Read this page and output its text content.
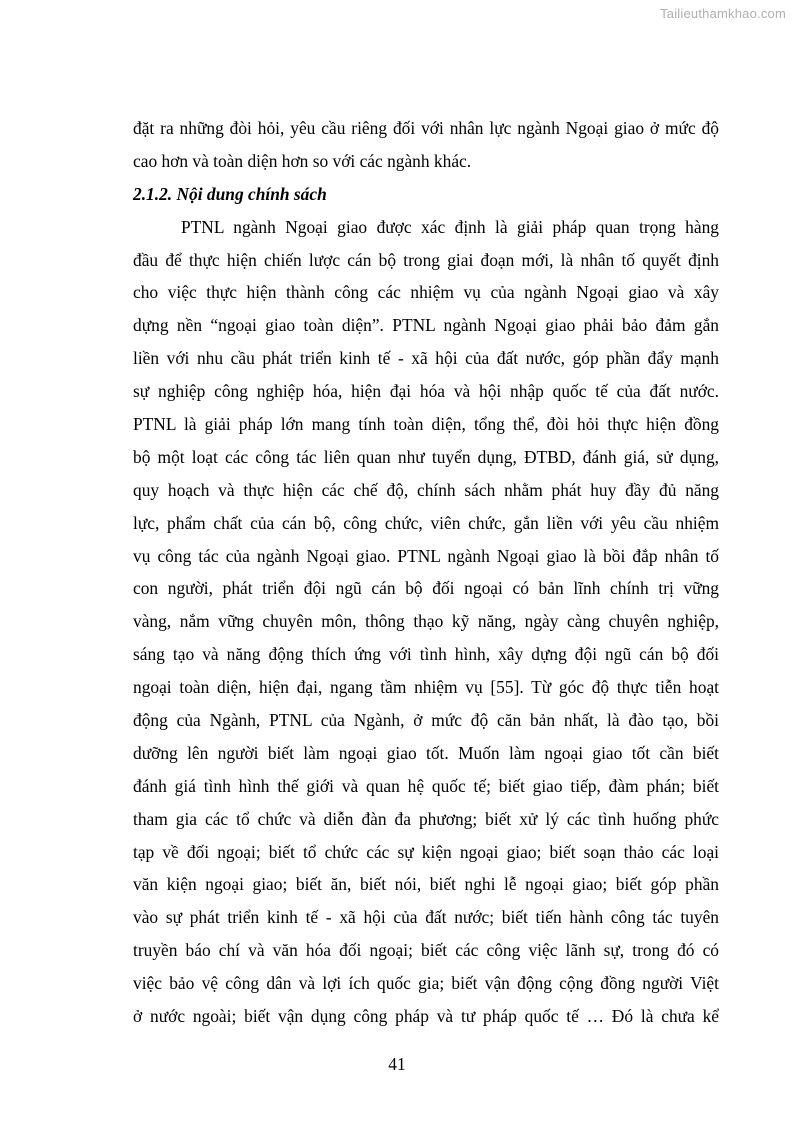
Tailieuthamkhao.com
đặt ra những đòi hỏi, yêu cầu riêng đối với nhân lực ngành Ngoại giao ở mức độ
cao hơn và toàn diện hơn so với các ngành khác.
2.1.2. Nội dung chính sách
PTNL ngành Ngoại giao được xác định là giải pháp quan trọng hàng
đầu để thực hiện chiến lược cán bộ trong giai đoạn mới, là nhân tố quyết định
cho việc thực hiện thành công các nhiệm vụ của ngành Ngoại giao và xây
dựng nền “ngoại giao toàn diện”. PTNL ngành Ngoại giao phải bảo đảm gắn
liền với nhu cầu phát triển kinh tế - xã hội của đất nước, góp phần đẩy mạnh
sự nghiệp công nghiệp hóa, hiện đại hóa và hội nhập quốc tế của đất nước.
PTNL là giải pháp lớn mang tính toàn diện, tổng thể, đòi hỏi thực hiện đồng
bộ một loạt các công tác liên quan như tuyển dụng, ĐTBD, đánh giá, sử dụng,
quy hoạch và thực hiện các chế độ, chính sách nhằm phát huy đầy đủ năng
lực, phẩm chất của cán bộ, công chức, viên chức, gắn liền với yêu cầu nhiệm
vụ công tác của ngành Ngoại giao. PTNL ngành Ngoại giao là bồi đắp nhân tố
con người, phát triển đội ngũ cán bộ đối ngoại có bản lĩnh chính trị vững
vàng, nắm vững chuyên môn, thông thạo kỹ năng, ngày càng chuyên nghiệp,
sáng tạo và năng động thích ứng với tình hình, xây dựng đội ngũ cán bộ đối
ngoại toàn diện, hiện đại, ngang tầm nhiệm vụ [55]. Từ góc độ thực tiễn hoạt
động của Ngành, PTNL của Ngành, ở mức độ căn bản nhất, là đào tạo, bồi
dưỡng lên người biết làm ngoại giao tốt. Muốn làm ngoại giao tốt cần biết
đánh giá tình hình thế giới và quan hệ quốc tế; biết giao tiếp, đàm phán; biết
tham gia các tổ chức và diễn đàn đa phương; biết xử lý các tình huống phức
tạp về đối ngoại; biết tổ chức các sự kiện ngoại giao; biết soạn thảo các loại
văn kiện ngoại giao; biết ăn, biết nói, biết nghi lễ ngoại giao; biết góp phần
vào sự phát triển kinh tế - xã hội của đất nước; biết tiến hành công tác tuyên
truyền báo chí và văn hóa đối ngoại; biết các công việc lãnh sự, trong đó có
việc bảo vệ công dân và lợi ích quốc gia; biết vận động cộng đồng người Việt
ở nước ngoài; biết vận dụng công pháp và tư pháp quốc tế … Đó là chưa kể
41
